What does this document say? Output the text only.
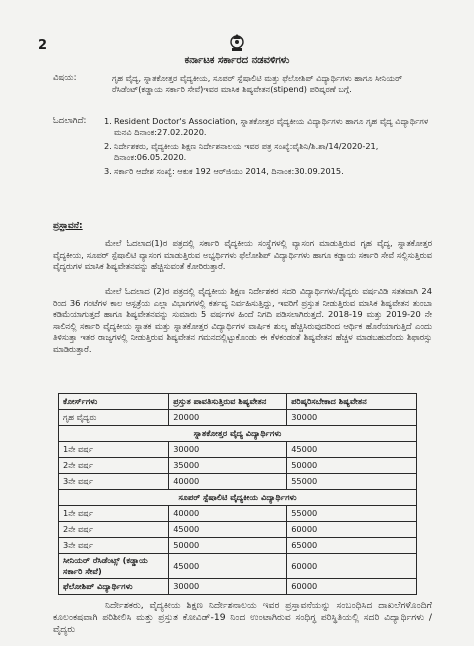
2
ಕರ್ನಾಟಕ ಸರ್ಕಾರದ ನಡವಳಿಗಳು
ವಿಷಯ:	ಗೃಹ ವೈದ್ಯ, ಸ್ನಾತಕೋತ್ತರ ವೈದ್ಯಕೀಯ, ಸೂಪರ್ ಸ್ಪೆಷಾಲಿಟಿ ಮತ್ತು ಫೆಲೋಶಿಪ್ ವಿದ್ಯಾರ್ಥಿಗಳು ಹಾಗೂ ಸೀನಿಯರ್ ರೆಸಿಡೆಂಟ್(ಕಡ್ಡಾಯ ಸರ್ಕಾರಿ ಸೇವೆ)ಇವರ ಮಾಸಿಕ ಶಿಷ್ಯವೇತನ(stipend) ಪರಿಷ್ಕರಣೆ ಬಗ್ಗೆ.
ಓದಲಾಗಿದೆ: 1. Resident Doctor's Association, ಸ್ನಾತಕೋತ್ತರ ವೈದ್ಯಕೀಯ ವಿದ್ಯಾರ್ಥಿಗಳು ಹಾಗೂ ಗೃಹ ವೈದ್ಯ ವಿದ್ಯಾರ್ಥಿಗಳ ಮನವಿ ದಿನಾಂಕ:27.02.2020.
2. ನಿರ್ದೇಶಕರು, ವೈದ್ಯಕೀಯ ಶಿಕ್ಷಣ ನಿರ್ದೇಶನಾಲಯ ಇವರ ಪತ್ರ ಸಂಖ್ಯೆ:ವೈಶಿನಿ/ಶಿ.ಶಾ/14/2020-21, ದಿನಾಂಕ:06.05.2020.
3. ಸರ್ಕಾರಿ ಆದೇಶ ಸಂಖ್ಯೆ: ಆಕುಕ 192 ಆರ್‌ಜಿಯು 2014, ದಿನಾಂಕ:30.09.2015.
ಪ್ರಸ್ತಾವನೆ:
ಮೇಲೆ ಓದಲಾದ(1)ರ ಪತ್ರದಲ್ಲಿ ಸರ್ಕಾರಿ ವೈದ್ಯಕೀಯ ಸಂಸ್ಥೆಗಳಲ್ಲಿ ವ್ಯಾಸಂಗ ಮಾಡುತ್ತಿರುವ ಗೃಹ ವೈದ್ಯ, ಸ್ನಾತಕೋತ್ತರ ವೈದ್ಯಕೀಯ, ಸೂಪರ್ ಸ್ಪೆಷಾಲಿಟಿ ವ್ಯಾಸಂಗ ಮಾಡುತ್ತಿರುವ ಅಭ್ಯರ್ಥಿಗಳು ಫೆಲೋಶಿಪ್ ವಿದ್ಯಾರ್ಥಿಗಳು ಹಾಗೂ ಕಡ್ಡಾಯ ಸರ್ಕಾರಿ ಸೇವೆ ಸಲ್ಲಿಸುತ್ತಿರುವ ವೈದ್ಯರುಗಳ ಮಾಸಿಕ ಶಿಷ್ಯವೇತನವನ್ನು ಹೆಚ್ಚಿಸುವಂತೆ ಕೋರಿರುತ್ತಾರೆ.
ಮೇಲೆ ಓದಲಾದ (2)ರ ಪತ್ರದಲ್ಲಿ ವೈದ್ಯಕೀಯ ಶಿಕ್ಷಣ ನಿರ್ದೇಶಕರ ಸದರಿ ವಿದ್ಯಾರ್ಥಿಗಳು/ವೈದ್ಯರು ವರ್ಷವಿಡಿ ಸತತವಾಗಿ 24 ರಿಂದ 36 ಗಂಟೆಗಳ ಕಾಲ ಆಸ್ಪತ್ರೆಯ ಎಲ್ಲಾ ವಿಭಾಗಗಳಲ್ಲಿ ಕರ್ತವ್ಯ ನಿರ್ವಹಿಸುತ್ತಿದ್ದು, ಇವರಿಗೆ ಪ್ರಸ್ತುತ ನೀಡುತ್ತಿರುವ ಮಾಸಿಕ ಶಿಷ್ಯವೇತನ ತುಂಬಾ ಕಡಿಮೆಯಾಗುತ್ತದೆ ಹಾಗೂ ಶಿಷ್ಯವೇತನವನ್ನು ಸುಮಾರು 5 ವರ್ಷಗಳ ಹಿಂದೆ ನಿಗದಿ ಪಡಿಸಲಾಗಿರುತ್ತದೆ. 2018-19 ಮತ್ತು 2019-20 ನೇ ಸಾಲಿನಲ್ಲಿ ಸರ್ಕಾರಿ ವೈದ್ಯಕೀಯ ಸ್ನಾತಕ ಮತ್ತು ಸ್ನಾತಕೋತ್ತರ ವಿದ್ಯಾರ್ಥಿಗಳ ವಾರ್ಷಿಕ ಶುಲ್ಕ ಹೆಚ್ಚಿಸಿರುವುದರಿಂದ ಆರ್ಥಿಕ ಹೊರೆಯಾಗುತ್ತಿದೆ ಎಂದು ತಿಳಿಸುತ್ತಾ ಇತರ ರಾಜ್ಯಗಳಲ್ಲಿ ನೀಡುತ್ತಿರುವ ಶಿಷ್ಯವೇತನ ಗಮನದಲ್ಲಿಟ್ಟುಕೊಂಡು ಈ ಕೆಳಕಂಡಂತೆ ಶಿಷ್ಯವೇತನ ಹೆಚ್ಚಳ ಮಾಡಬಹುದೆಂದು ಶಿಫಾರಸ್ಸು ಮಾಡಿರುತ್ತಾರೆ.
ಕೋರ್ಸ್‌ಗಳು	ಪ್ರಸ್ತುತ ಪಾವತಿಸುತ್ತಿರುವ ಶಿಷ್ಯವೇತನ	ಪರಿಷ್ಕರಿಸಬೇಕಾದ ಶಿಷ್ಯವೇತನ
ಗೃಹ ವೈದ್ಯರು	20000	30000
ಸ್ನಾತಕೋತ್ತರ ವೈದ್ಯ ವಿದ್ಯಾರ್ಥಿಗಳು		
1ನೇ ವರ್ಷ	30000	45000
2ನೇ ವರ್ಷ	35000	50000
3ನೇ ವರ್ಷ	40000	55000
ಸೂಪರ್ ಸ್ಪೆಷಾಲಿಟಿ ವೈದ್ಯಕೀಯ ವಿದ್ಯಾರ್ಥಿಗಳು		
1ನೇ ವರ್ಷ	40000	55000
2ನೇ ವರ್ಷ	45000	60000
3ನೇ ವರ್ಷ	50000	65000
ಸೀನಿಯರ್ ರೆಸಿಡೆಂಟ್ಸ್ (ಕಡ್ಡಾಯ ಸರ್ಕಾರಿ ಸೇವೆ)	45000	60000
ಫೆಲೋಶಿಪ್ ವಿದ್ಯಾರ್ಥಿಗಳು	30000	60000
ನಿರ್ದೇಶಕರು, ವೈದ್ಯಕೀಯ ಶಿಕ್ಷಣ ನಿರ್ದೇಶನಾಲಯ ಇವರ ಪ್ರಸ್ತಾವನೆಯನ್ನು ಸಂಬಂಧಿಸಿದ ದಾಖಲೆಗಳೊಂದಿಗೆ ಕೂಲಂಕಷವಾಗಿ ಪರಿಶೀಲಿಸಿ ಮತ್ತು ಪ್ರಸ್ತುತ ಕೋವಿಡ್-19 ನಿಂದ ಉಂಟಾಗಿರುವ ಸಂಧಿಗ್ಧ ಪರಿಸ್ಥಿತಿಯಲ್ಲಿ ಸದರಿ ವಿದ್ಯಾರ್ಥಿಗಳು / ವೈದ್ಯರು
